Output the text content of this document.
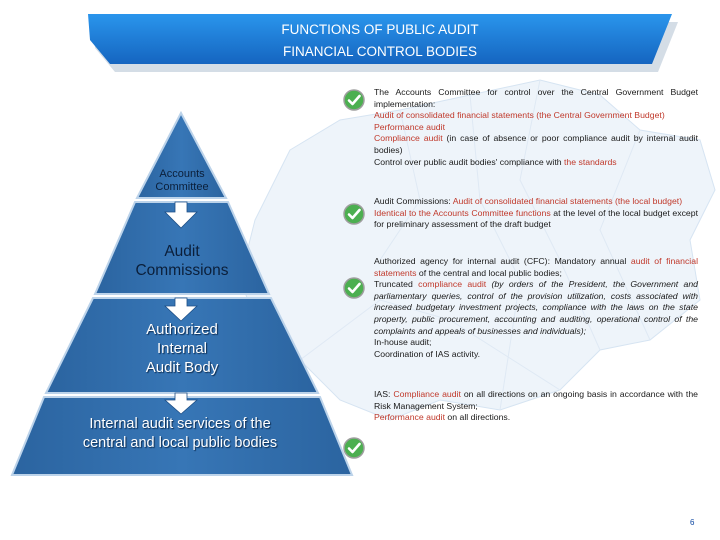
FUNCTIONS OF PUBLIC AUDIT
FINANCIAL CONTROL BODIES
Accounts
Committee
Audit
Commissions
Authorized
Internal
Audit Body
Internal audit services of the
central and local public bodies

The Accounts Committee for control over the Central Government Budget implementation:

Audit of consolidated financial statements (the Central Government Budget)

Performance audit

Compliance audit (in case of absence or poor compliance audit by internal audit bodies)

Control over public audit bodies' compliance with the standards

Audit Commissions: Audit of consolidated financial statements (the local budget)

Identical to the Accounts Committee functions at the level of the local budget except for preliminary assessment of the draft budget

Authorized agency for internal audit (CFC): Mandatory annual audit of financial statements of the central and local public bodies;

Truncated compliance audit (by orders of the President, the Government and parliamentary queries, control of the provision utilization, costs associated with increased budgetary investment projects, compliance with the laws on the state property, public procurement, accounting and auditing, operational control of the complaints and appeals of businesses and individuals);

In-house audit;

Coordination of IAS activity.

IAS: Compliance audit on all directions on an ongoing basis in accordance with the Risk Management System;

Performance audit on all directions.

6
